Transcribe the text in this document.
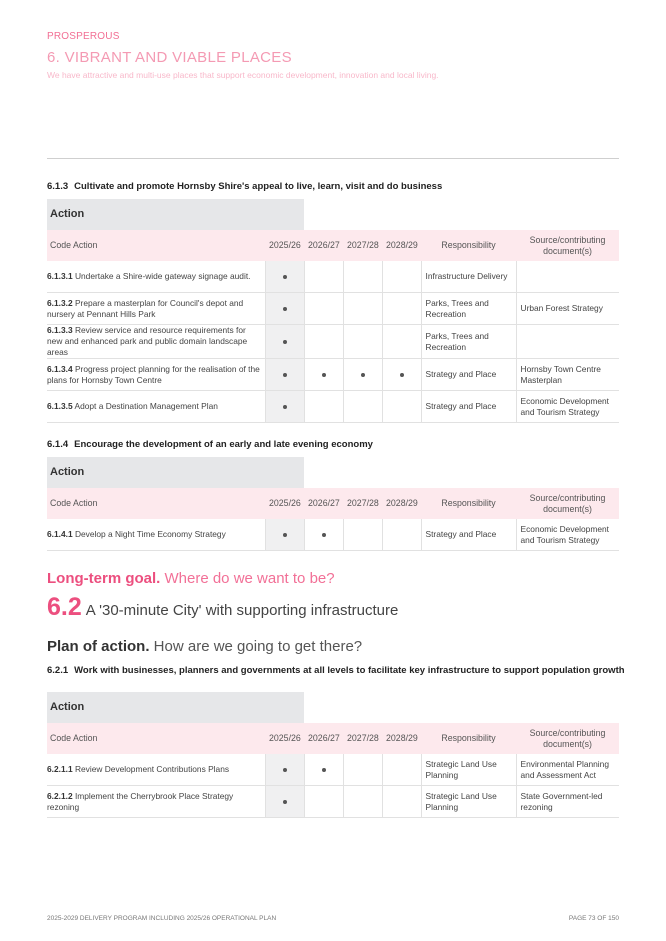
PROSPEROUS
6. VIBRANT AND VIABLE PLACES
We have attractive and multi-use places that support economic development, innovation and local living.
6.1.3 Cultivate and promote Hornsby Shire's appeal to live, learn, visit and do business
Action						
Code Action	2025/26	2026/27	2027/28	2028/29	Responsibility	Source/contributing document(s)
6.1.3.1 Undertake a Shire-wide gateway signage audit.					Infrastructure Delivery	
6.1.3.2 Prepare a masterplan for Council's depot and nursery at Pennant Hills Park					Parks, Trees and Recreation	Urban Forest Strategy
6.1.3.3 Review service and resource requirements for new and enhanced park and public domain landscape areas					Parks, Trees and Recreation	
6.1.3.4 Progress project planning for the realisation of the plans for Hornsby Town Centre					Strategy and Place	Hornsby Town Centre Masterplan
6.1.3.5 Adopt a Destination Management Plan					Strategy and Place	Economic Development and Tourism Strategy
6.1.4 Encourage the development of an early and late evening economy
Action						
Code Action	2025/26	2026/27	2027/28	2028/29	Responsibility	Source/contributing document(s)
6.1.4.1 Develop a Night Time Economy Strategy					Strategy and Place	Economic Development and Tourism Strategy
Long-term goal. Where do we want to be?
6.2 A '30-minute City' with supporting infrastructure
Plan of action. How are we going to get there?
6.2.1 Work with businesses, planners and governments at all levels to facilitate key infrastructure to support population growth
Action						
Code Action	2025/26	2026/27	2027/28	2028/29	Responsibility	Source/contributing document(s)
6.2.1.1 Review Development Contributions Plans					Strategic Land Use Planning	Environmental Planning and Assessment Act
6.2.1.2 Implement the Cherrybrook Place Strategy rezoning					Strategic Land Use Planning	State Government-led rezoning
2025-2029 DELIVERY PROGRAM INCLUDING 2025/26 OPERATIONAL PLAN	PAGE 73 OF 150
